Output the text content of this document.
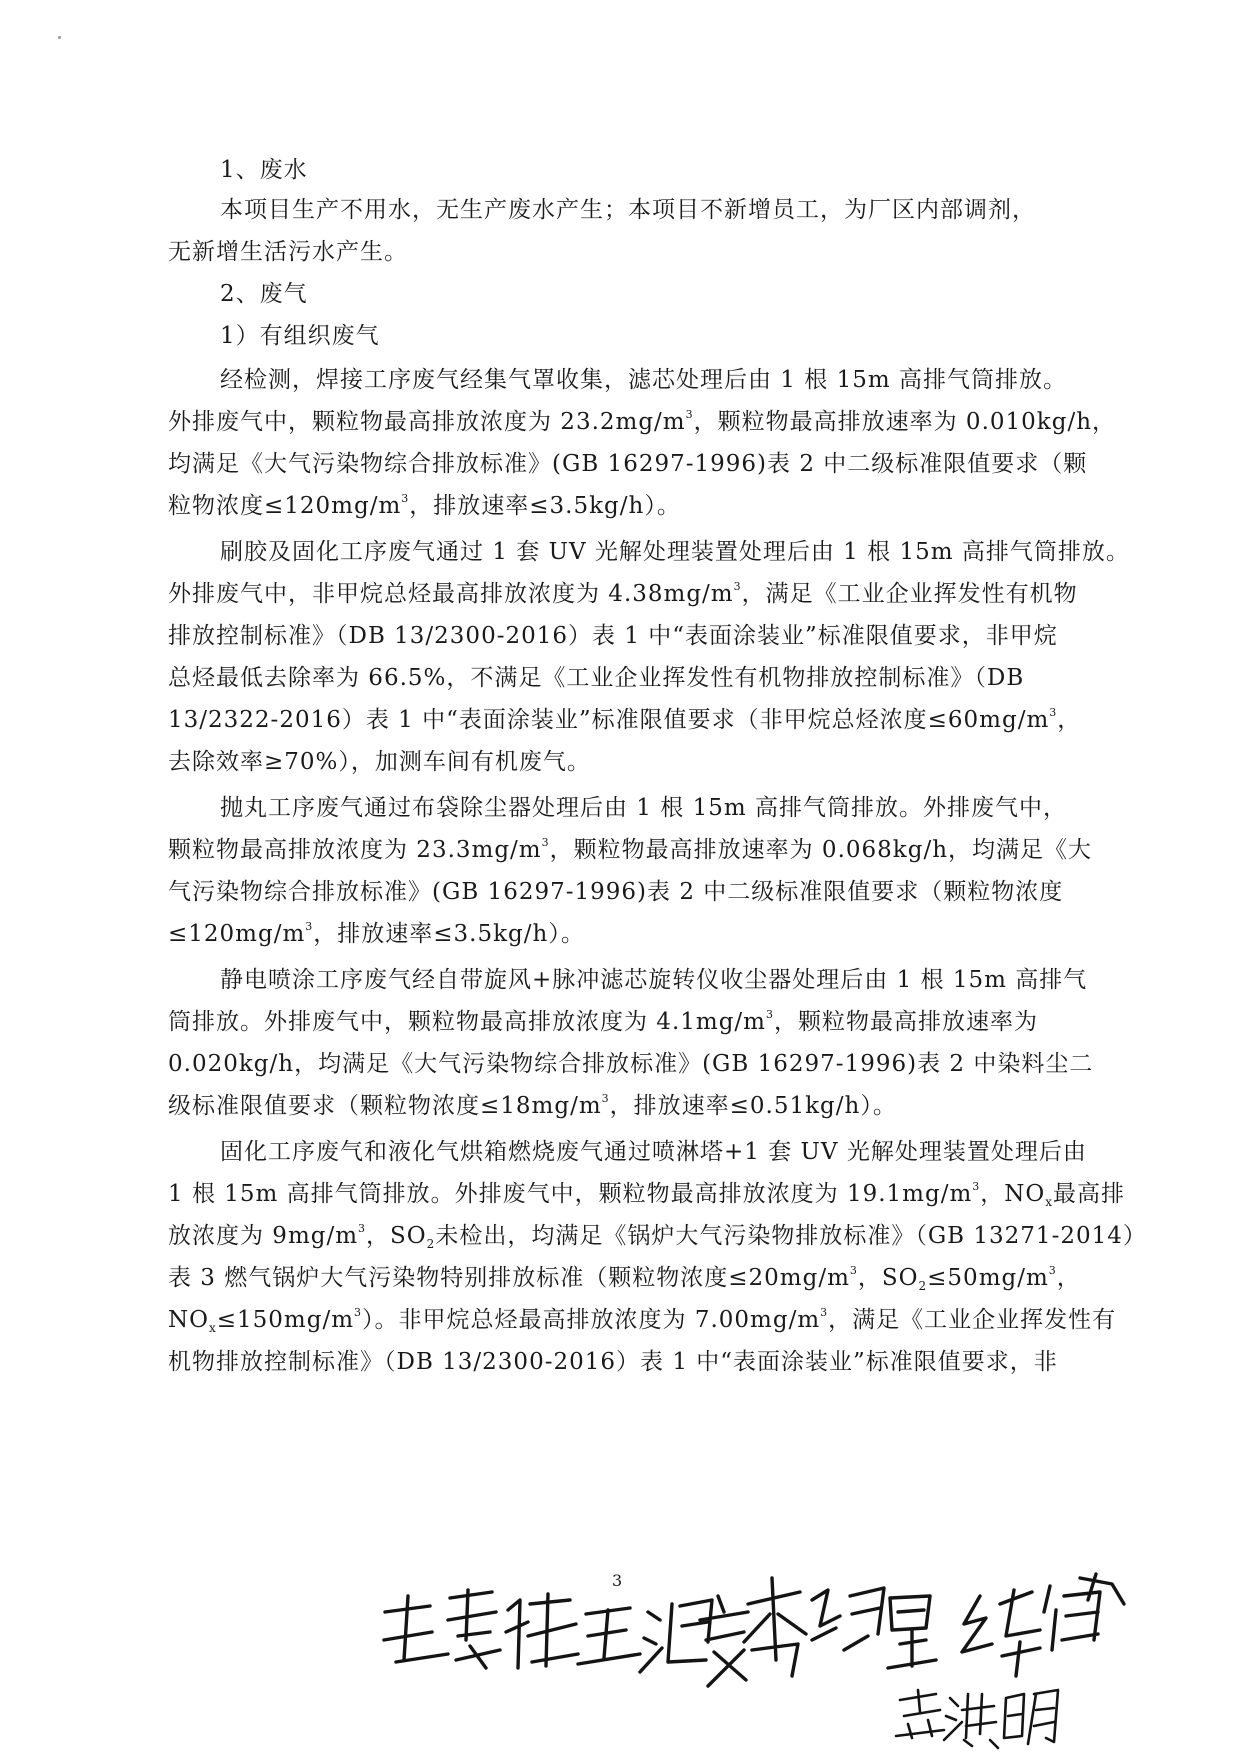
1、废水
本项目生产不用水，无生产废水产生；本项目不新增员工，为厂区内部调剂，
无新增生活污水产生。
2、废气
1）有组织废气
经检测，焊接工序废气经集气罩收集，滤芯处理后由 1 根 15m 高排气筒排放。
外排废气中，颗粒物最高排放浓度为 $23.2mg/m^3$，颗粒物最高排放速率为 0.010kg/h，
均满足《大气污染物综合排放标准》(GB 16297-1996)表 2 中二级标准限值要求（颗
粒物浓度$\le 120mg/m^3$，排放速率≤3.5kg/h）。
刷胶及固化工序废气通过 1 套 UV 光解处理装置处理后由 1 根 15m 高排气筒排放。
外排废气中，非甲烷总烃最高排放浓度为 $4.38mg/m^3$，满足《工业企业挥发性有机物
排放控制标准》（DB 13/2300-2016）表 1 中“表面涂装业”标准限值要求，非甲烷
总烃最低去除率为 66.5%，不满足《工业企业挥发性有机物排放控制标准》（DB
13/2322-2016）表 1 中“表面涂装业”标准限值要求（非甲烷总烃浓度$\le 60mg/m^3$，
去除效率≥70%），加测车间有机废气。
抛丸工序废气通过布袋除尘器处理后由 1 根 15m 高排气筒排放。外排废气中，
颗粒物最高排放浓度为 $23.3mg/m^3$，颗粒物最高排放速率为 0.068kg/h，均满足《大
气污染物综合排放标准》(GB 16297-1996)表 2 中二级标准限值要求（颗粒物浓度
$\le 120mg/m^3$，排放速率≤3.5kg/h）。
静电喷涂工序废气经自带旋风+脉冲滤芯旋转仪收尘器处理后由 1 根 15m 高排气
筒排放。外排废气中，颗粒物最高排放浓度为 $4.1mg/m^3$，颗粒物最高排放速率为
0.020kg/h，均满足《大气污染物综合排放标准》(GB 16297-1996)表 2 中染料尘二
级标准限值要求（颗粒物浓度$\le 18mg/m^3$，排放速率≤0.51kg/h）。
固化工序废气和液化气烘箱燃烧废气通过喷淋塔+1 套 UV 光解处理装置处理后由
1 根 15m 高排气筒排放。外排废气中，颗粒物最高排放浓度为 $19.1mg/m^3$，$NO_x$最高排
放浓度为 $9mg/m^3$，$SO_2$未检出，均满足《锅炉大气污染物排放标准》（GB 13271-2014）
表 3 燃气锅炉大气污染物特别排放标准（颗粒物浓度$\le 20mg/m^3$，$SO_2\le 50mg/m^3$，
$NO_x\le 150mg/m^3$）。非甲烷总烃最高排放浓度为 $7.00mg/m^3$，满足《工业企业挥发性有
机物排放控制标准》（DB 13/2300-2016）表 1 中“表面涂装业”标准限值要求，非
3
李喜林王海霞李绍星徐1峰孟洪明
